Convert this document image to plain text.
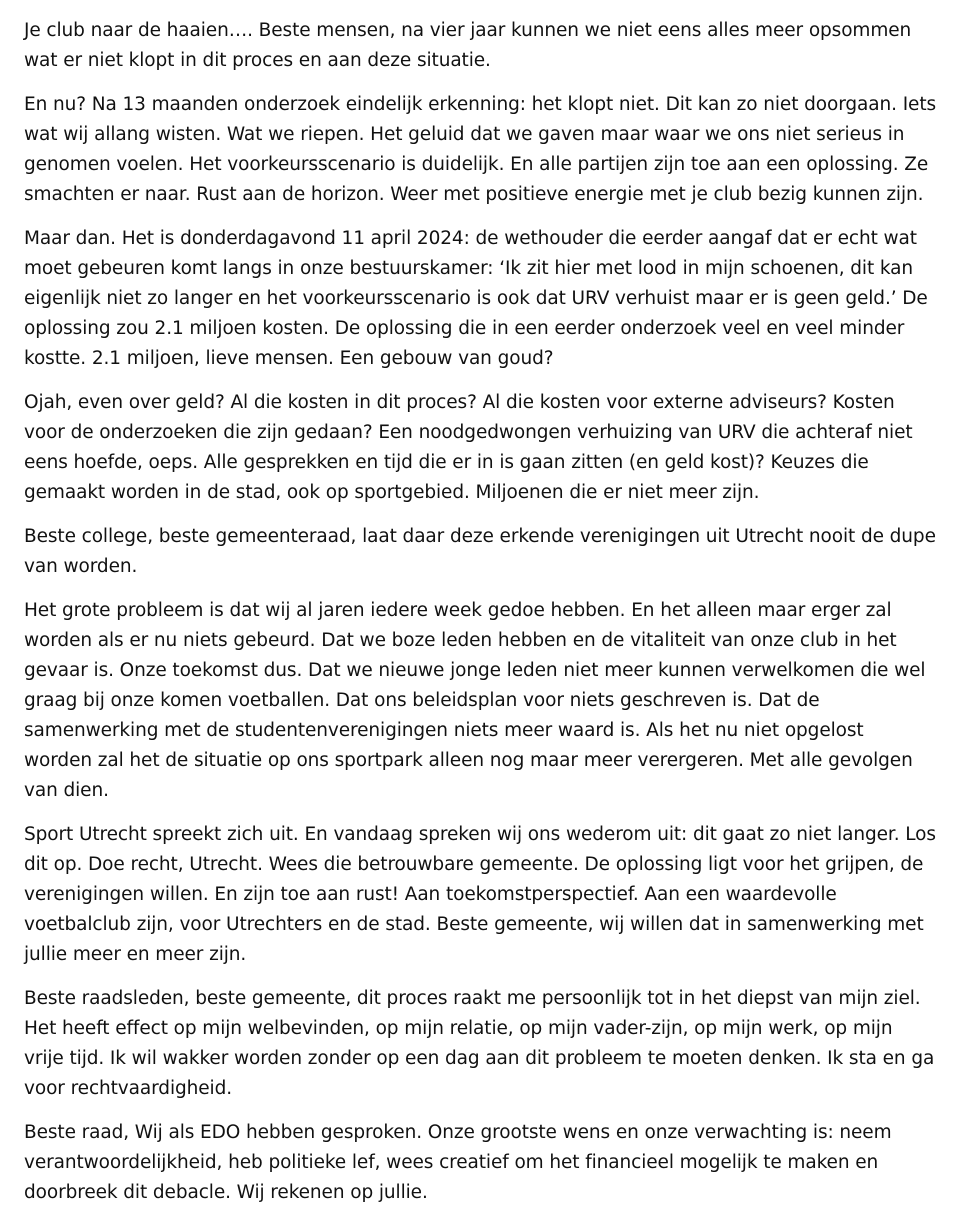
Je club naar de haaien…. Beste mensen, na vier jaar kunnen we niet eens alles meer opsommen wat er niet klopt in dit proces en aan deze situatie.

En nu? Na 13 maanden onderzoek eindelijk erkenning: het klopt niet. Dit kan zo niet doorgaan. Iets wat wij allang wisten. Wat we riepen. Het geluid dat we gaven maar waar we ons niet serieus in genomen voelen. Het voorkeursscenario is duidelijk. En alle partijen zijn toe aan een oplossing. Ze smachten er naar. Rust aan de horizon. Weer met positieve energie met je club bezig kunnen zijn.

Maar dan. Het is donderdagavond 11 april 2024: de wethouder die eerder aangaf dat er echt wat moet gebeuren komt langs in onze bestuurskamer: ‘Ik zit hier met lood in mijn schoenen, dit kan eigenlijk niet zo langer en het voorkeursscenario is ook dat URV verhuist maar er is geen geld.’ De oplossing zou 2.1 miljoen kosten. De oplossing die in een eerder onderzoek veel en veel minder kostte. 2.1 miljoen, lieve mensen. Een gebouw van goud?

Ojah, even over geld? Al die kosten in dit proces? Al die kosten voor externe adviseurs? Kosten voor de onderzoeken die zijn gedaan? Een noodgedwongen verhuizing van URV die achteraf niet eens hoefde, oeps. Alle gesprekken en tijd die er in is gaan zitten (en geld kost)? Keuzes die gemaakt worden in de stad, ook op sportgebied. Miljoenen die er niet meer zijn.

Beste college, beste gemeenteraad, laat daar deze erkende verenigingen uit Utrecht nooit de dupe van worden.

Het grote probleem is dat wij al jaren iedere week gedoe hebben. En het alleen maar erger zal worden als er nu niets gebeurd. Dat we boze leden hebben en de vitaliteit van onze club in het gevaar is. Onze toekomst dus. Dat we nieuwe jonge leden niet meer kunnen verwelkomen die wel graag bij onze komen voetballen. Dat ons beleidsplan voor niets geschreven is. Dat de samenwerking met de studentenverenigingen niets meer waard is. Als het nu niet opgelost worden zal het de situatie op ons sportpark alleen nog maar meer verergeren. Met alle gevolgen van dien.

Sport Utrecht spreekt zich uit. En vandaag spreken wij ons wederom uit: dit gaat zo niet langer. Los dit op. Doe recht, Utrecht. Wees die betrouwbare gemeente. De oplossing ligt voor het grijpen, de verenigingen willen. En zijn toe aan rust! Aan toekomstperspectief. Aan een waardevolle voetbalclub zijn, voor Utrechters en de stad. Beste gemeente, wij willen dat in samenwerking met jullie meer en meer zijn.

Beste raadsleden, beste gemeente, dit proces raakt me persoonlijk tot in het diepst van mijn ziel. Het heeft effect op mijn welbevinden, op mijn relatie, op mijn vader-zijn, op mijn werk, op mijn vrije tijd. Ik wil wakker worden zonder op een dag aan dit probleem te moeten denken. Ik sta en ga voor rechtvaardigheid.

Beste raad, Wij als EDO hebben gesproken. Onze grootste wens en onze verwachting is: neem verantwoordelijkheid, heb politieke lef, wees creatief om het financieel mogelijk te maken en doorbreek dit debacle. Wij rekenen op jullie.
